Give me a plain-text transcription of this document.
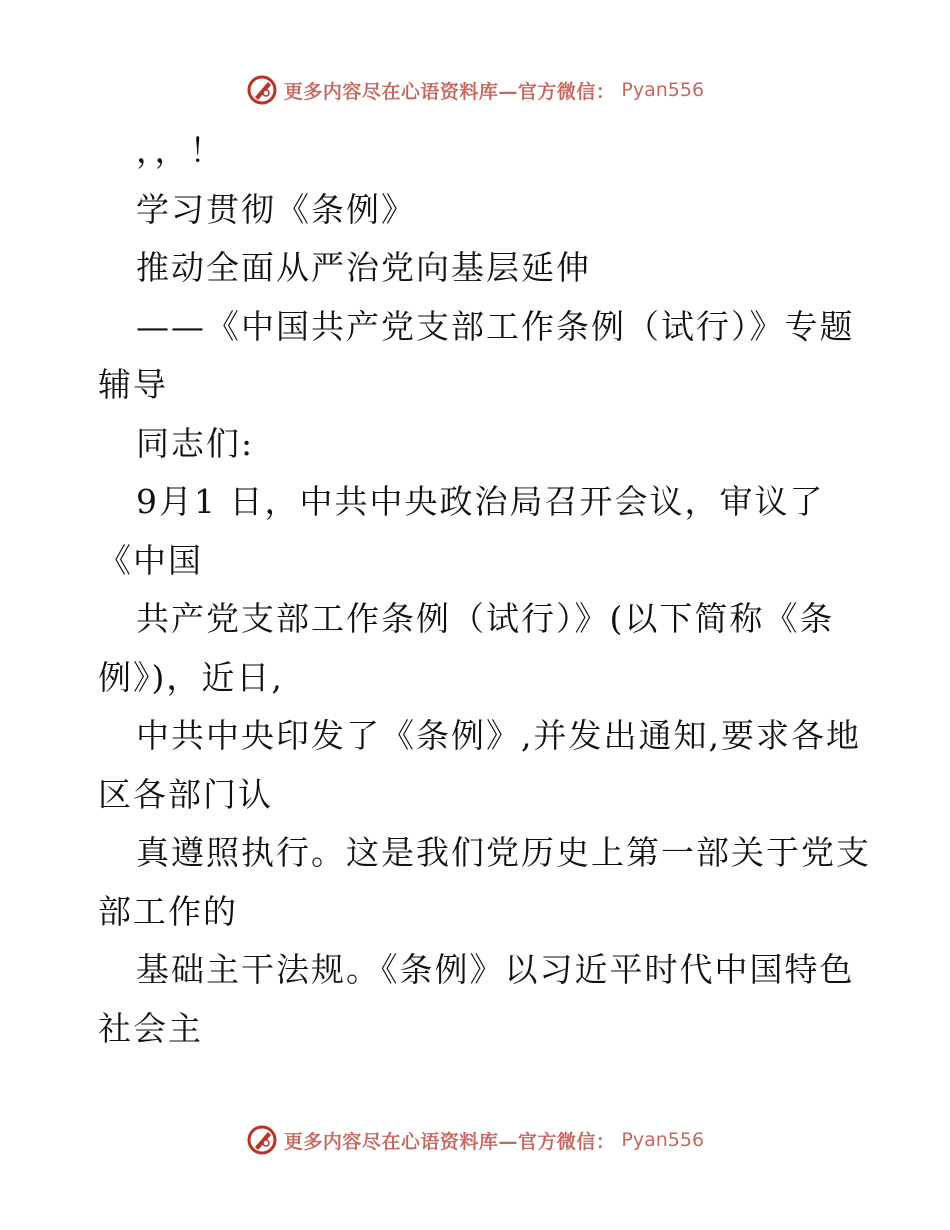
更多内容尽在心语资料库—官方微信： Pyan556
，，！
学习贯彻《条例》
推动全面从严治党向基层延伸
——《中国共产党支部工作条例（试行）》专题
辅导
同志们:
9月1 日，中共中央政治局召开会议，审议了
《中国
共产党支部工作条例（试行）》(以下简称《条
例》)，近日,
中共中央印发了《条例》,并发出通知,要求各地
区各部门认
真遵照执行。这是我们党历史上第一部关于党支
部工作的
基础主干法规。《条例》以习近平时代中国特色
社会主
更多内容尽在心语资料库—官方微信： Pyan556
